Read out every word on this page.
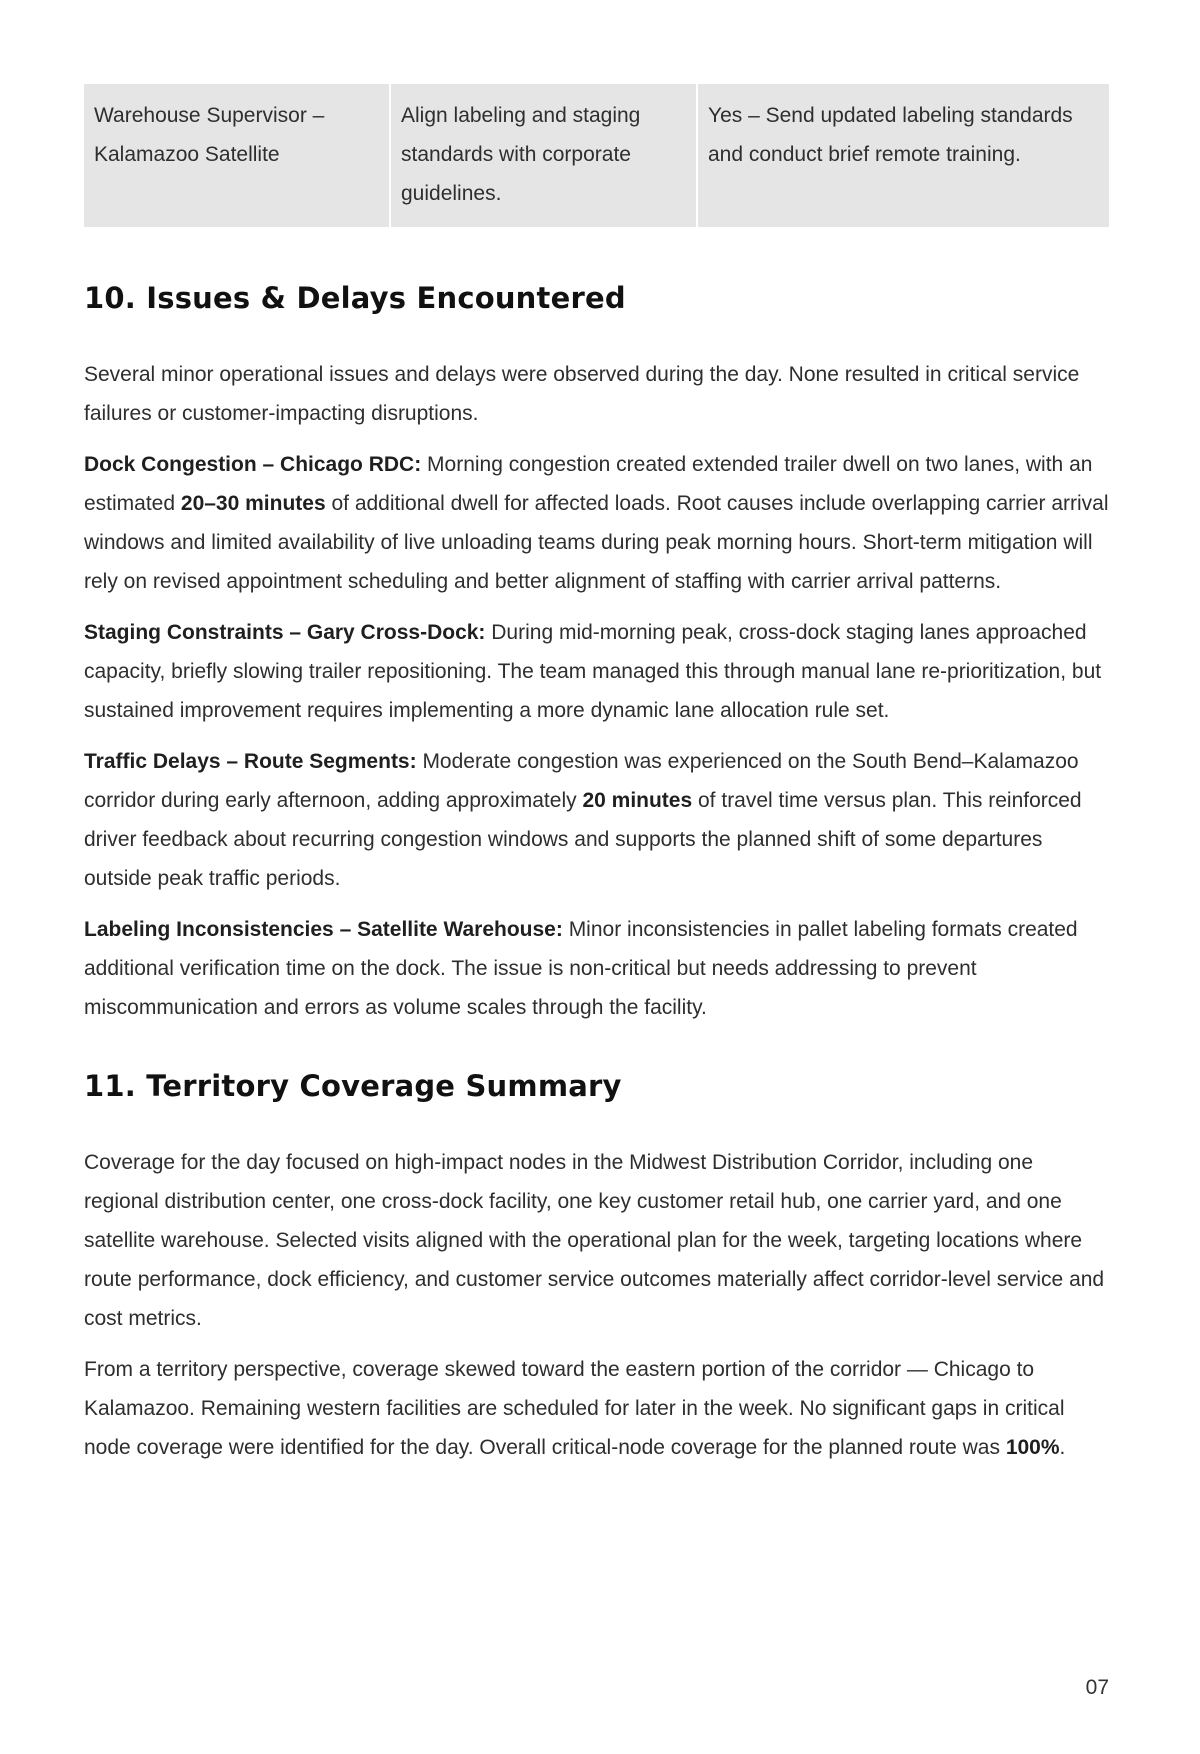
Warehouse Supervisor – Kalamazoo Satellite	Align labeling and staging standards with corporate guidelines.	Yes – Send updated labeling standards and conduct brief remote training.
10. Issues & Delays Encountered

Several minor operational issues and delays were observed during the day. None resulted in critical service failures or customer-impacting disruptions.

Dock Congestion – Chicago RDC: Morning congestion created extended trailer dwell on two lanes, with an estimated 20–30 minutes of additional dwell for affected loads. Root causes include overlapping carrier arrival windows and limited availability of live unloading teams during peak morning hours. Short-term mitigation will rely on revised appointment scheduling and better alignment of staffing with carrier arrival patterns.

Staging Constraints – Gary Cross-Dock: During mid-morning peak, cross-dock staging lanes approached capacity, briefly slowing trailer repositioning. The team managed this through manual lane re-prioritization, but sustained improvement requires implementing a more dynamic lane allocation rule set.

Traffic Delays – Route Segments: Moderate congestion was experienced on the South Bend–Kalamazoo corridor during early afternoon, adding approximately 20 minutes of travel time versus plan. This reinforced driver feedback about recurring congestion windows and supports the planned shift of some departures outside peak traffic periods.

Labeling Inconsistencies – Satellite Warehouse: Minor inconsistencies in pallet labeling formats created additional verification time on the dock. The issue is non-critical but needs addressing to prevent miscommunication and errors as volume scales through the facility.

11. Territory Coverage Summary

Coverage for the day focused on high-impact nodes in the Midwest Distribution Corridor, including one regional distribution center, one cross-dock facility, one key customer retail hub, one carrier yard, and one satellite warehouse. Selected visits aligned with the operational plan for the week, targeting locations where route performance, dock efficiency, and customer service outcomes materially affect corridor-level service and cost metrics.

From a territory perspective, coverage skewed toward the eastern portion of the corridor — Chicago to Kalamazoo. Remaining western facilities are scheduled for later in the week. No significant gaps in critical node coverage were identified for the day. Overall critical-node coverage for the planned route was 100%.

07
